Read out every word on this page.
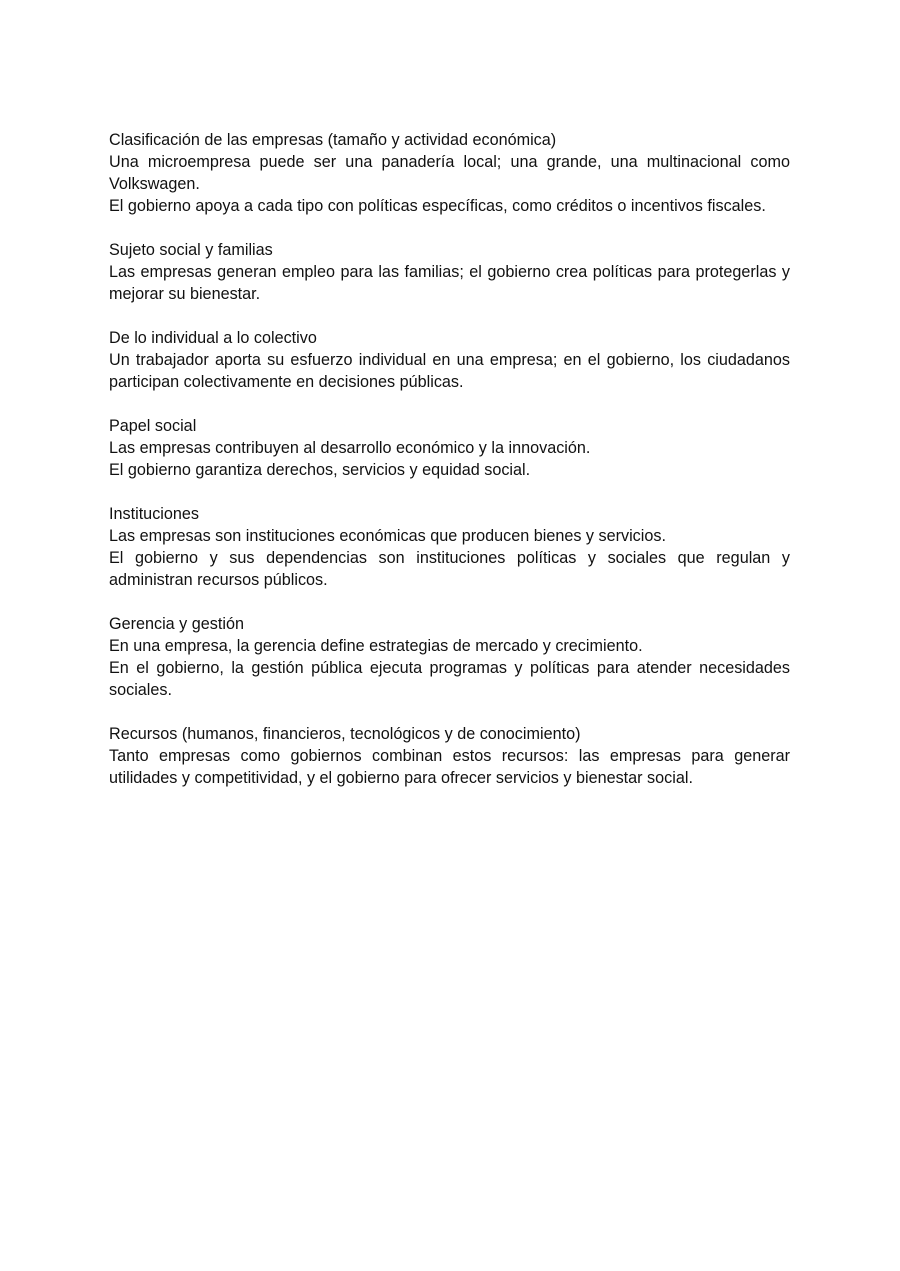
Clasificación de las empresas (tamaño y actividad económica)

Una microempresa puede ser una panadería local; una grande, una multinacional como Volkswagen.

El gobierno apoya a cada tipo con políticas específicas, como créditos o incentivos fiscales.

Sujeto social y familias

Las empresas generan empleo para las familias; el gobierno crea políticas para protegerlas y mejorar su bienestar.

De lo individual a lo colectivo

Un trabajador aporta su esfuerzo individual en una empresa; en el gobierno, los ciudadanos participan colectivamente en decisiones públicas.

Papel social

Las empresas contribuyen al desarrollo económico y la innovación.

El gobierno garantiza derechos, servicios y equidad social.

Instituciones

Las empresas son instituciones económicas que producen bienes y servicios.

El gobierno y sus dependencias son instituciones políticas y sociales que regulan y administran recursos públicos.

Gerencia y gestión

En una empresa, la gerencia define estrategias de mercado y crecimiento.

En el gobierno, la gestión pública ejecuta programas y políticas para atender necesidades sociales.

Recursos (humanos, financieros, tecnológicos y de conocimiento)

Tanto empresas como gobiernos combinan estos recursos: las empresas para generar utilidades y competitividad, y el gobierno para ofrecer servicios y bienestar social.
